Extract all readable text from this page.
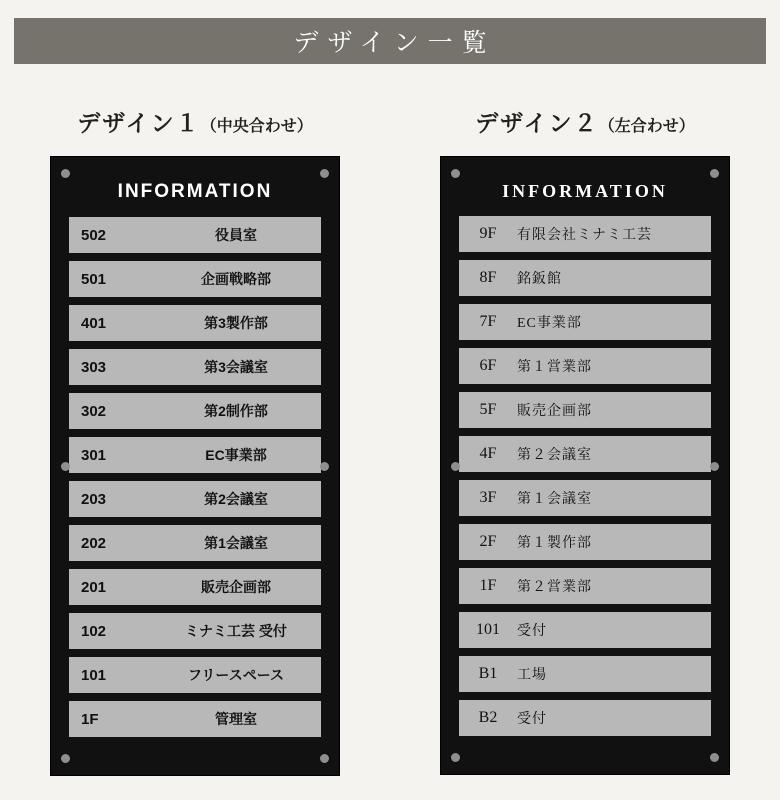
デザイン一覧
デザイン１（中央合わせ）
INFORMATION
502	役員室
501	企画戦略部
401	第3製作部
303	第3会議室
302	第2制作部
301	EC事業部
203	第2会議室
202	第1会議室
201	販売企画部
102	ミナミ工芸 受付
101	フリースペース
1F	管理室
デザイン２（左合わせ）
INFORMATION
9F	有限会社ミナミ工芸
8F	銘鈑館
7F	EC事業部
6F	第１営業部
5F	販売企画部
4F	第２会議室
3F	第１会議室
2F	第１製作部
1F	第２営業部
101	受付
B1	工場
B2	受付
